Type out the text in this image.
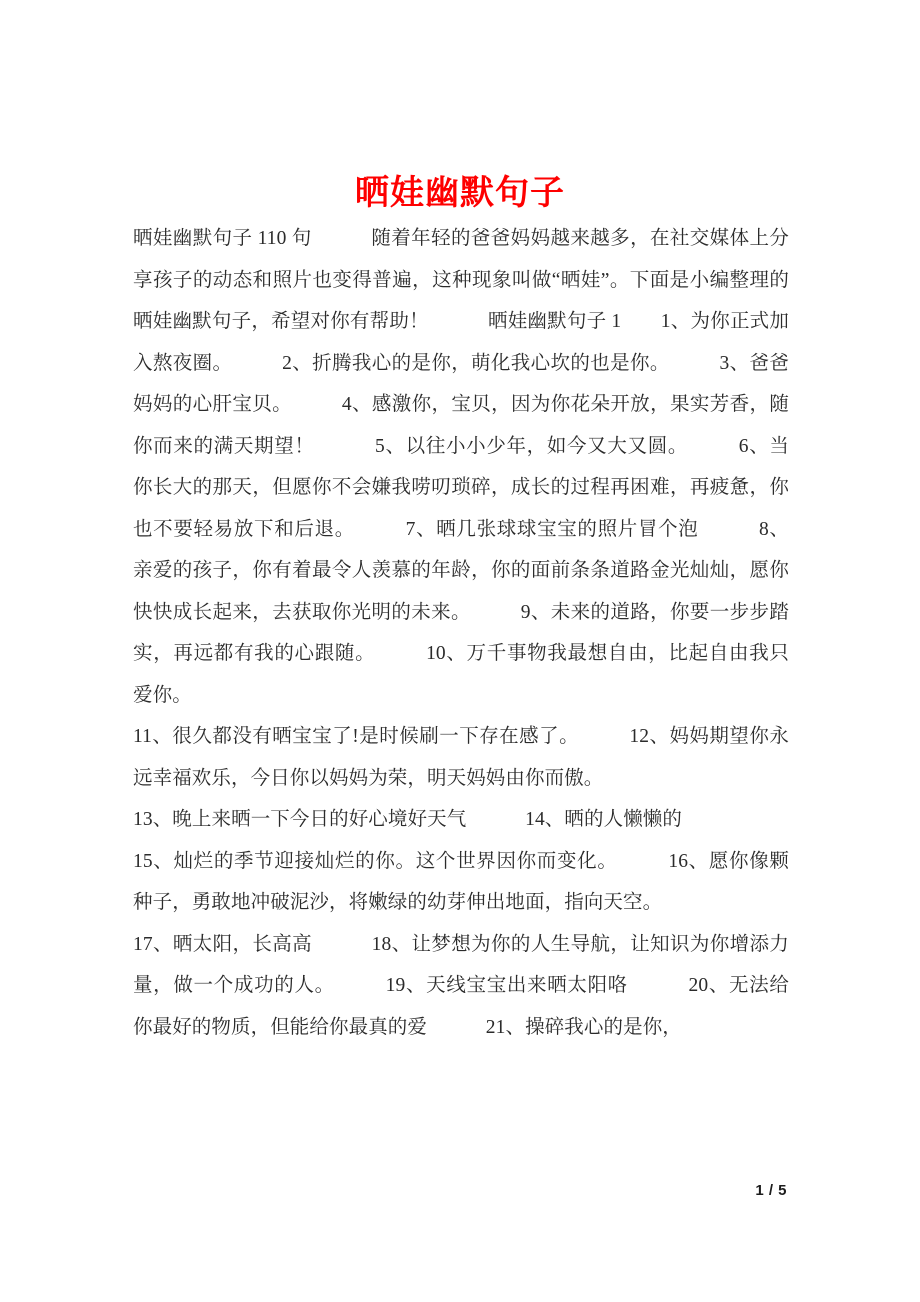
晒娃幽默句子

晒娃幽默句子 110 句　　　随着年轻的爸爸妈妈越来越多，在社交媒体上分享孩子的动态和照片也变得普遍，这种现象叫做“晒娃”。下面是小编整理的晒娃幽默句子，希望对你有帮助！　　　晒娃幽默句子 1　　1、为你正式加入熬夜圈。　　　2、折腾我心的是你，萌化我心坎的也是你。　　　3、爸爸妈妈的心肝宝贝。　　　4、感激你，宝贝，因为你花朵开放，果实芳香，随你而来的满天期望！　　　5、以往小小少年，如今又大又圆。　　　6、当你长大的那天，但愿你不会嫌我唠叨琐碎，成长的过程再困难，再疲惫，你也不要轻易放下和后退。　　　7、晒几张球球宝宝的照片冒个泡　　　8、亲爱的孩子，你有着最令人羡慕的年龄，你的面前条条道路金光灿灿，愿你快快成长起来，去获取你光明的未来。　　　9、未来的道路，你要一步步踏实，再远都有我的心跟随。　　　10、万千事物我最想自由，比起自由我只爱你。

11、很久都没有晒宝宝了!是时候刷一下存在感了。　　　12、妈妈期望你永远幸福欢乐，今日你以妈妈为荣，明天妈妈由你而傲。

13、晚上来晒一下今日的好心境好天气　　　14、晒的人懒懒的

15、灿烂的季节迎接灿烂的你。这个世界因你而变化。　　　16、愿你像颗种子，勇敢地冲破泥沙，将嫩绿的幼芽伸出地面，指向天空。

17、晒太阳，长高高　　　18、让梦想为你的人生导航，让知识为你增添力量，做一个成功的人。　　　19、天线宝宝出来晒太阳咯　　　20、无法给你最好的物质，但能给你最真的爱　　　21、操碎我心的是你，

1 / 5
